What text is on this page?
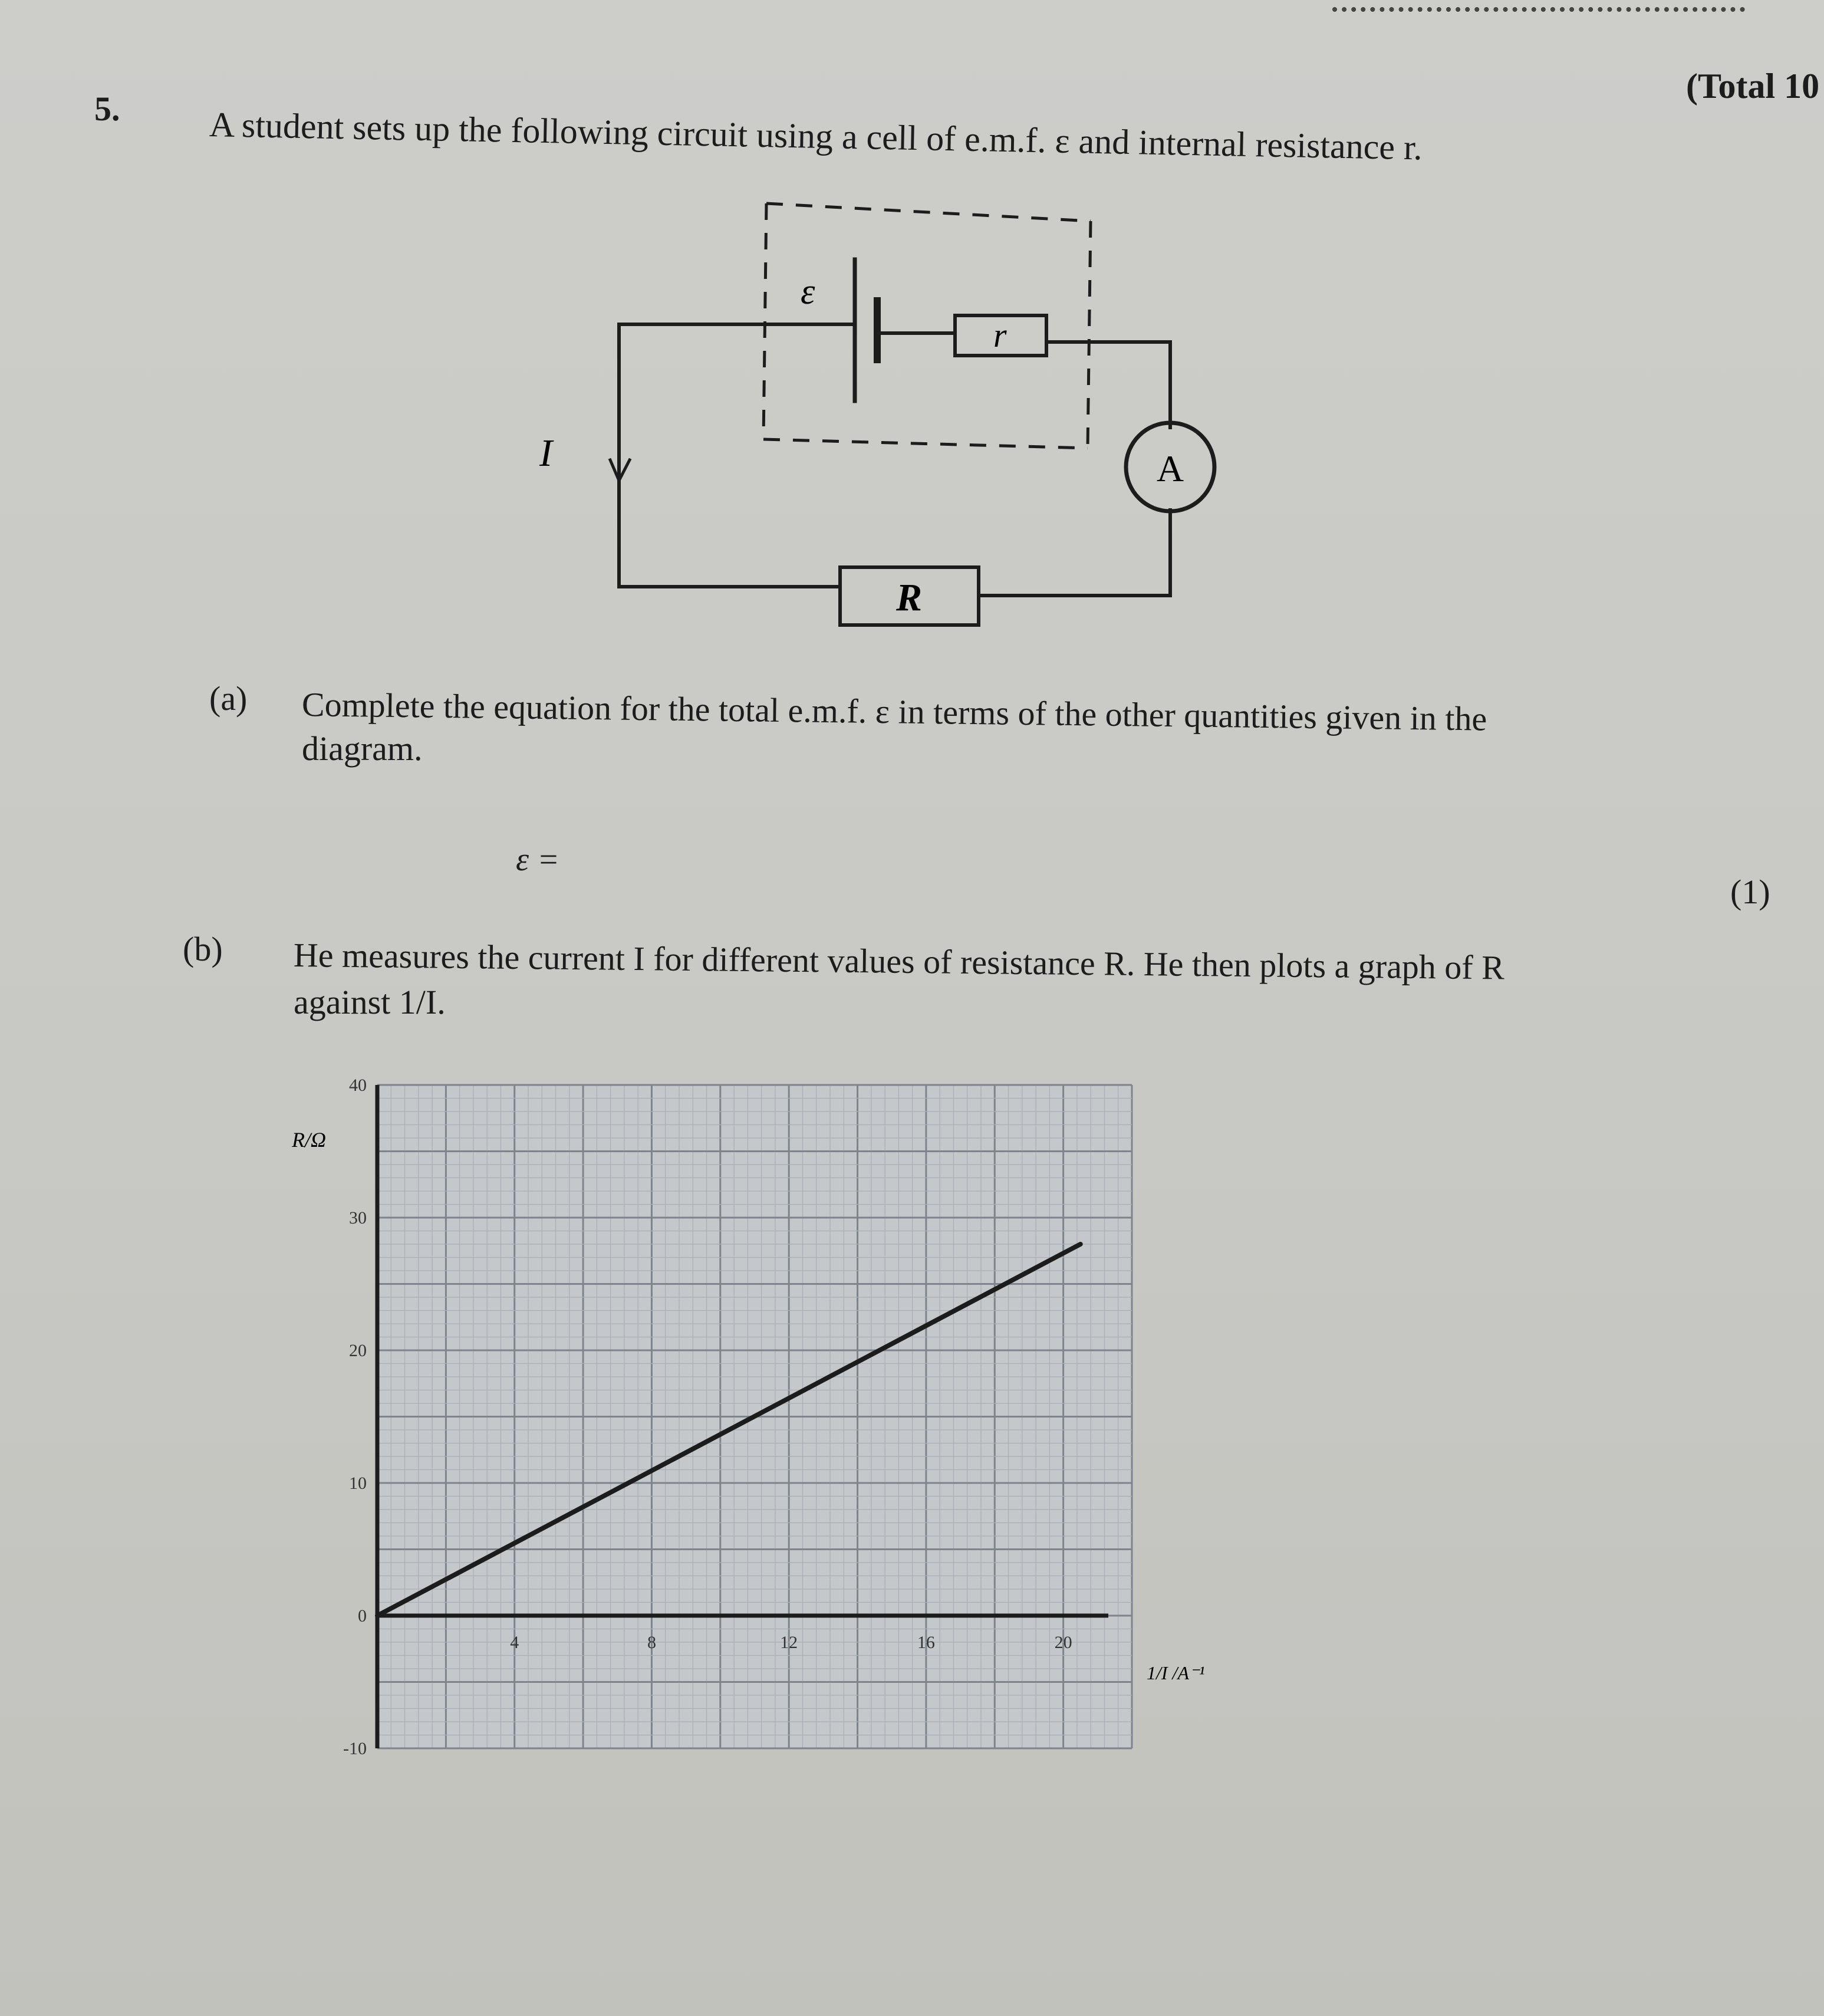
(Total 10
5.	A student sets up the following circuit using a cell of e.m.f. ε and internal resistance r.
ε
r
A
R
I
(a) Complete the equation for the total e.m.f. ε in terms of the other quantities given in the
diagram.
ε =
(1)
(b) He measures the current I for different values of resistance R. He then plots a graph of R
against 1/I.
4	8	12	16	20
40
30
20
10
0
-10
R/Ω
1/I /A⁻¹
